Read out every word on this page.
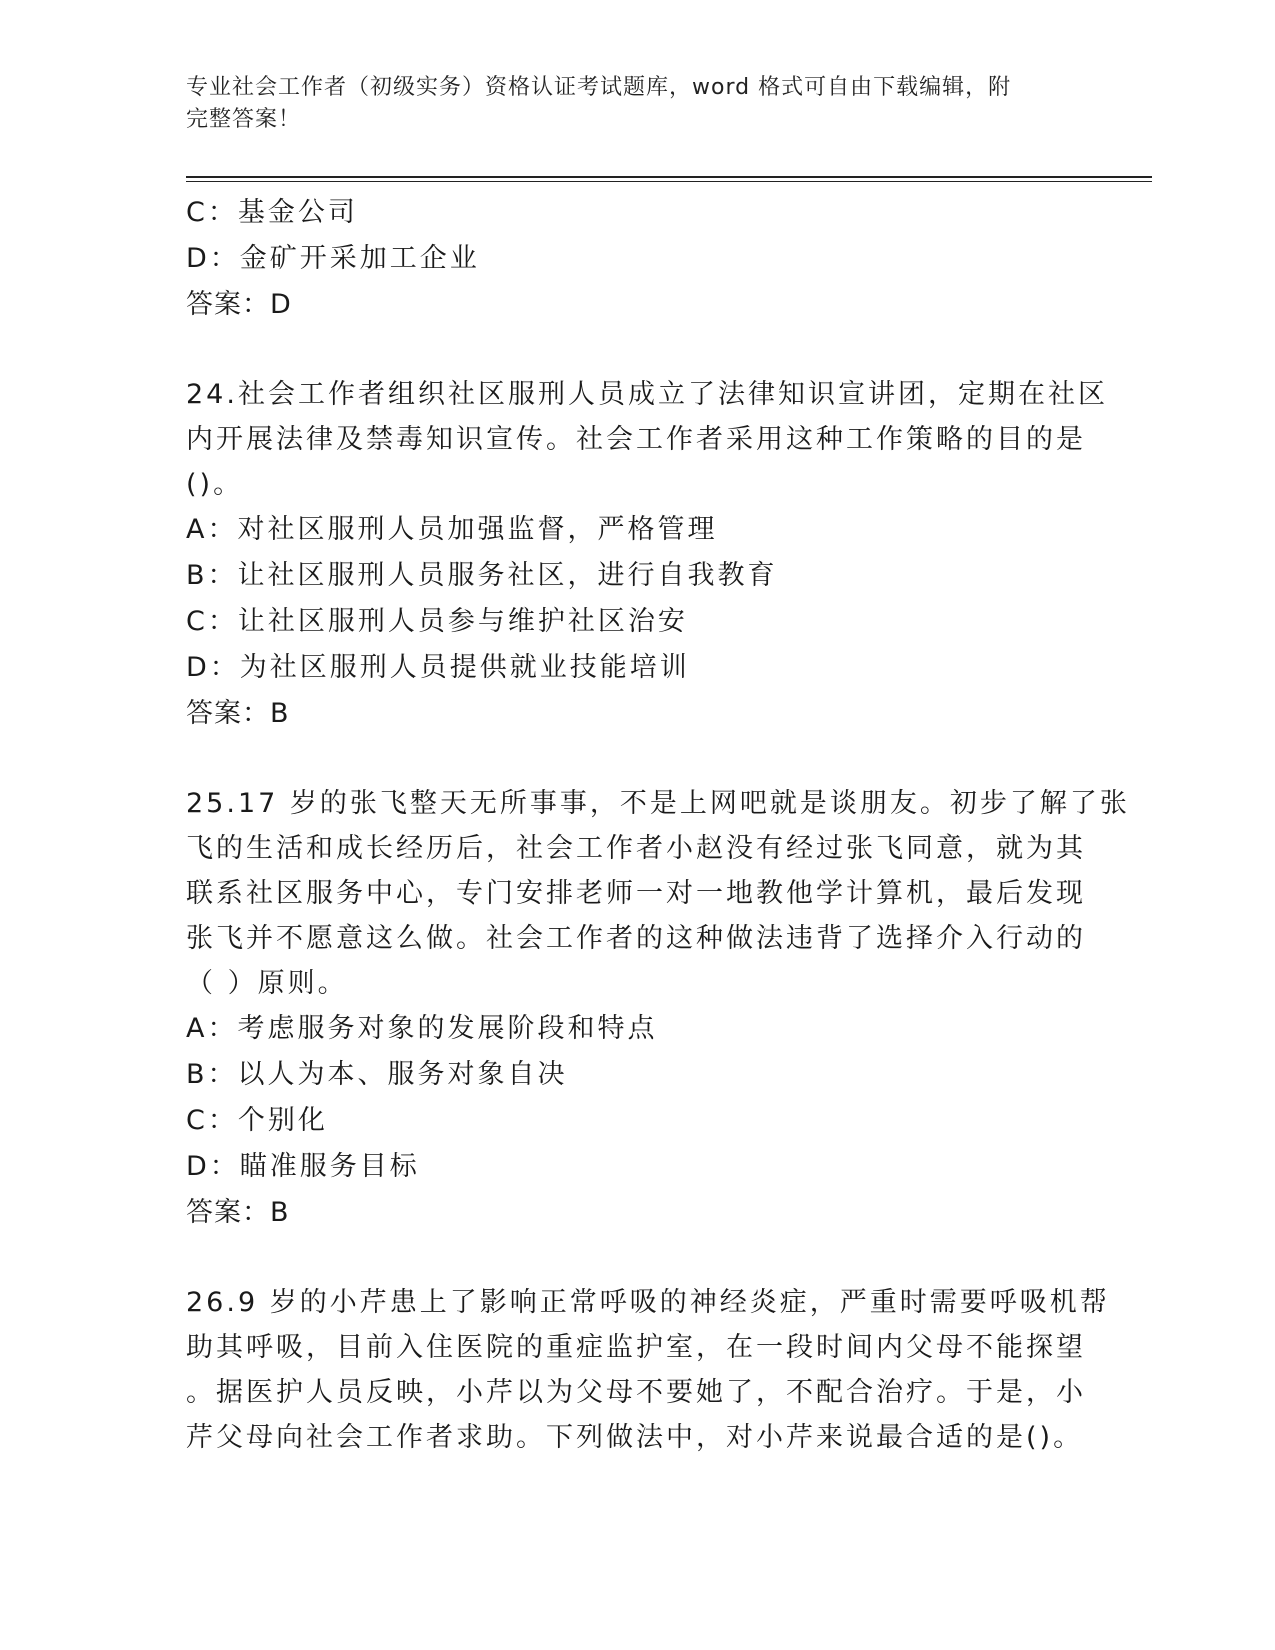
专业社会工作者（初级实务）资格认证考试题库，word 格式可自由下载编辑，附
完整答案！
C：基金公司
D：金矿开采加工企业
答案：D
24.社会工作者组织社区服刑人员成立了法律知识宣讲团，定期在社区
内开展法律及禁毒知识宣传。社会工作者采用这种工作策略的目的是
()。
A：对社区服刑人员加强监督，严格管理
B：让社区服刑人员服务社区，进行自我教育
C：让社区服刑人员参与维护社区治安
D：为社区服刑人员提供就业技能培训
答案：B
25.17 岁的张飞整天无所事事，不是上网吧就是谈朋友。初步了解了张
飞的生活和成长经历后，社会工作者小赵没有经过张飞同意，就为其
联系社区服务中心，专门安排老师一对一地教他学计算机，最后发现
张飞并不愿意这么做。社会工作者的这种做法违背了选择介入行动的
（ ）原则。
A：考虑服务对象的发展阶段和特点
B：以人为本、服务对象自决
C：个别化
D：瞄准服务目标
答案：B
26.9 岁的小芹患上了影响正常呼吸的神经炎症，严重时需要呼吸机帮
助其呼吸，目前入住医院的重症监护室，在一段时间内父母不能探望
。据医护人员反映，小芹以为父母不要她了，不配合治疗。于是，小
芹父母向社会工作者求助。下列做法中，对小芹来说最合适的是()。
